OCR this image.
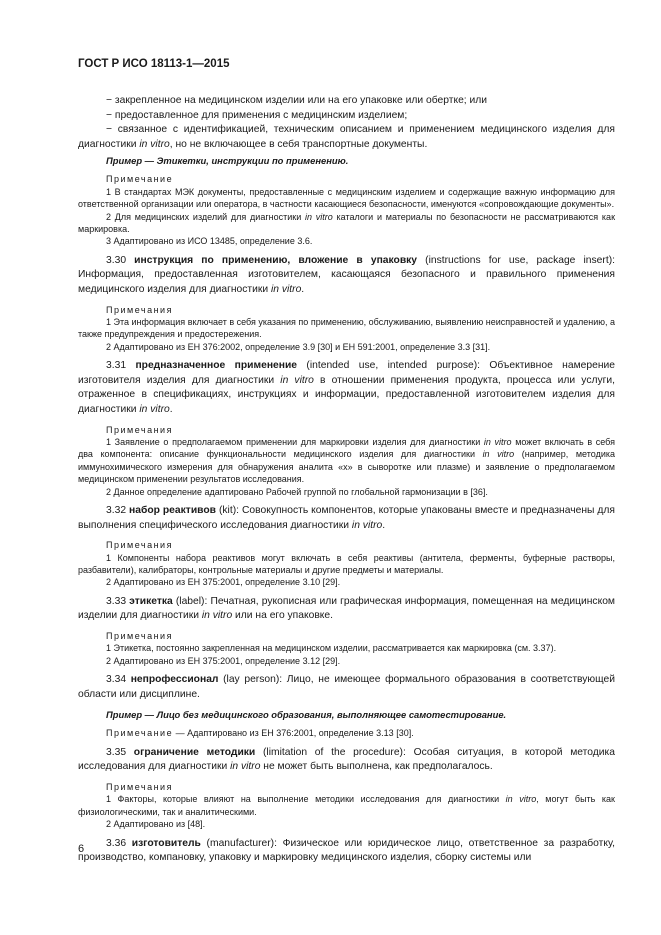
ГОСТ Р ИСО 18113-1—2015

− закрепленное на медицинском изделии или на его упаковке или обертке; или

− предоставленное для применения с медицинским изделием;

− связанное с идентификацией, техническим описанием и применением медицинского изделия для диагностики in vitro, но не включающее в себя транспортные документы.

Пример — Этикетки, инструкции по применению.

Примечание

1 В стандартах МЭК документы, предоставленные с медицинским изделием и содержащие важную информацию для ответственной организации или оператора, в частности касающиеся безопасности, именуются «сопровождающие документы».

2 Для медицинских изделий для диагностики in vitro каталоги и материалы по безопасности не рассматриваются как маркировка.

3 Адаптировано из ИСО 13485, определение 3.6.

3.30 инструкция по применению, вложение в упаковку (instructions for use, package insert): Информация, предоставленная изготовителем, касающаяся безопасного и правильного применения медицинского изделия для диагностики in vitro.

Примечания

1 Эта информация включает в себя указания по применению, обслуживанию, выявлению неисправностей и удалению, а также предупреждения и предостережения.

2 Адаптировано из ЕН 376:2002, определение 3.9 [30] и ЕН 591:2001, определение 3.3 [31].

3.31 предназначенное применение (intended use, intended purpose): Объективное намерение изготовителя изделия для диагностики in vitro в отношении применения продукта, процесса или услуги, отраженное в спецификациях, инструкциях и информации, предоставленной изготовителем изделия для диагностики in vitro.

Примечания

1 Заявление о предполагаемом применении для маркировки изделия для диагностики in vitro может включать в себя два компонента: описание функциональности медицинского изделия для диагностики in vitro (например, методика иммунохимического измерения для обнаружения аналита «х» в сыворотке или плазме) и заявление о предполагаемом медицинском применении результатов исследования.

2 Данное определение адаптировано Рабочей группой по глобальной гармонизации в [36].

3.32 набор реактивов (kit): Совокупность компонентов, которые упакованы вместе и предназначены для выполнения специфического исследования диагностики in vitro.

Примечания

1 Компоненты набора реактивов могут включать в себя реактивы (антитела, ферменты, буферные растворы, разбавители), калибраторы, контрольные материалы и другие предметы и материалы.

2 Адаптировано из ЕН 375:2001, определение 3.10 [29].

3.33 этикетка (label): Печатная, рукописная или графическая информация, помещенная на медицинском изделии для диагностики in vitro или на его упаковке.

Примечания

1 Этикетка, постоянно закрепленная на медицинском изделии, рассматривается как маркировка (см. 3.37).

2 Адаптировано из ЕН 375:2001, определение 3.12 [29].

3.34 непрофессионал (lay person): Лицо, не имеющее формального образования в соответствующей области или дисциплине.

Пример — Лицо без медицинского образования, выполняющее самотестирование.

Примечание — Адаптировано из ЕН 376:2001, определение 3.13 [30].

3.35 ограничение методики (limitation of the procedure): Особая ситуация, в которой методика исследования для диагностики in vitro не может быть выполнена, как предполагалось.

Примечания

1 Факторы, которые влияют на выполнение методики исследования для диагностики in vitro, могут быть как физиологическими, так и аналитическими.

2 Адаптировано из [48].

3.36 изготовитель (manufacturer): Физическое или юридическое лицо, ответственное за разработку, производство, компановку, упаковку и маркировку медицинского изделия, сборку системы или

6
